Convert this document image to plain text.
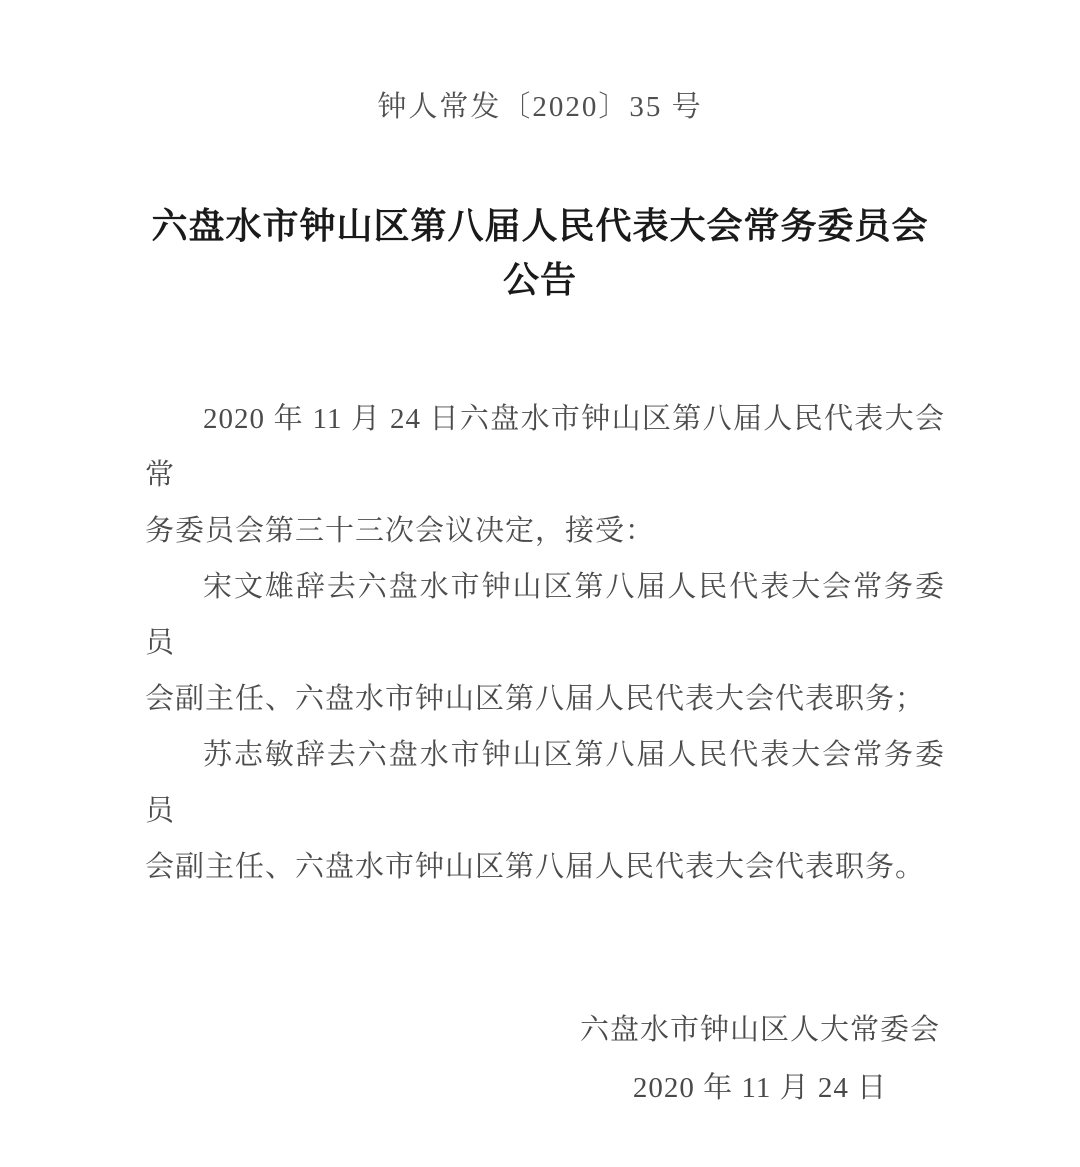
钟人常发〔2020〕35 号
六盘水市钟山区第八届人民代表大会常务委员会
公告
2020 年 11 月 24 日六盘水市钟山区第八届人民代表大会常
务委员会第三十三次会议决定，接受：
宋文雄辞去六盘水市钟山区第八届人民代表大会常务委员
会副主任、六盘水市钟山区第八届人民代表大会代表职务；
苏志敏辞去六盘水市钟山区第八届人民代表大会常务委员
会副主任、六盘水市钟山区第八届人民代表大会代表职务。
六盘水市钟山区人大常委会
2020 年 11 月 24 日
